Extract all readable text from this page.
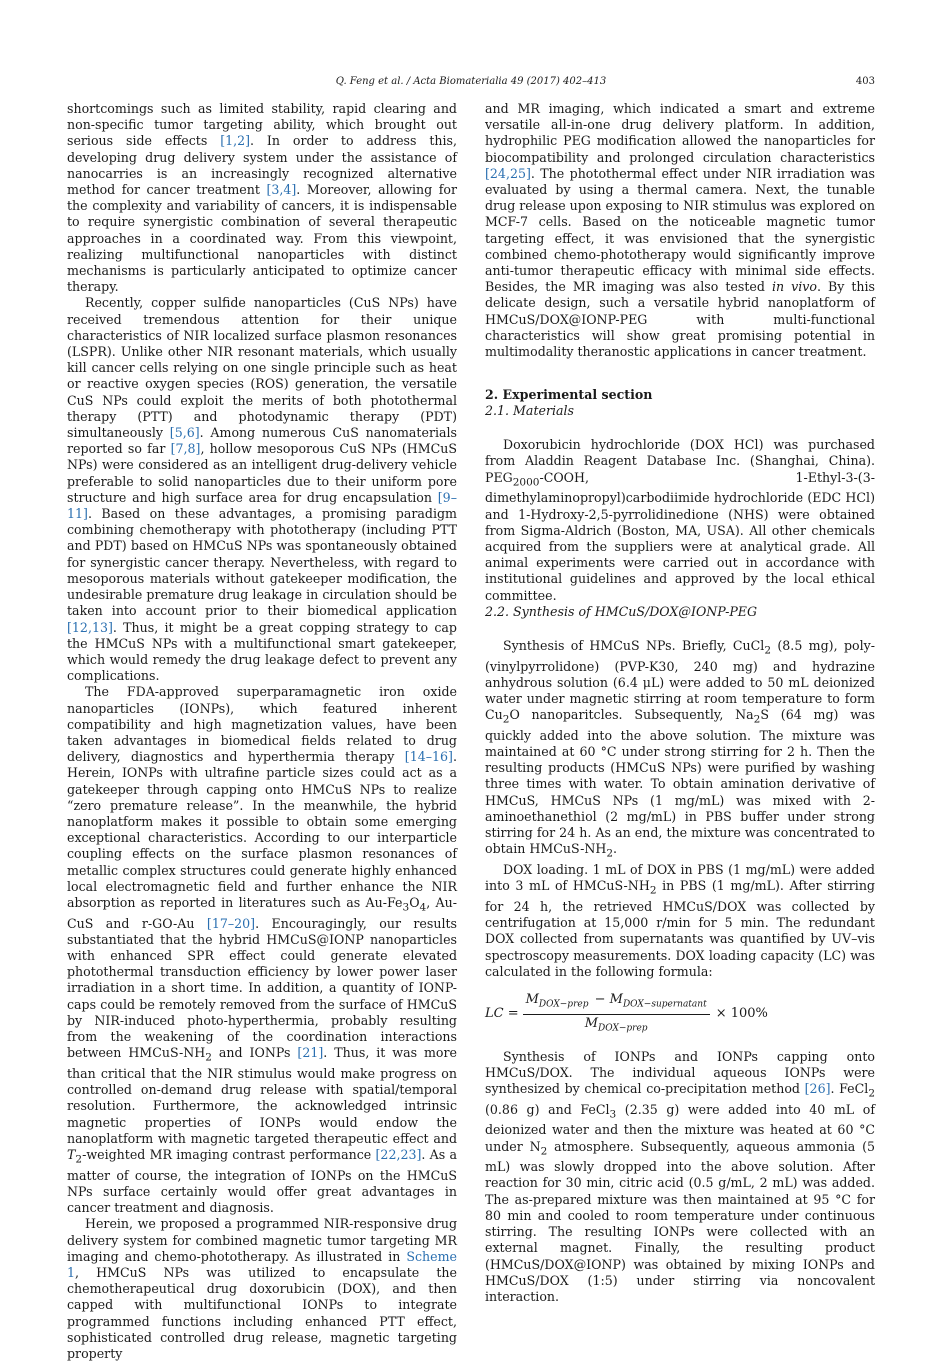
Q. Feng et al. / Acta Biomaterialia 49 (2017) 402–413	403

shortcomings such as limited stability, rapid clearing and non-specific tumor targeting ability, which brought out serious side effects [1,2]. In order to address this, developing drug delivery system under the assistance of nanocarries is an increasingly recognized alternative method for cancer treatment [3,4]. Moreover, allowing for the complexity and variability of cancers, it is indispensable to require synergistic combination of several therapeutic approaches in a coordinated way. From this viewpoint, realizing multifunctional nanoparticles with distinct mechanisms is particularly anticipated to optimize cancer therapy.

Recently, copper sulfide nanoparticles (CuS NPs) have received tremendous attention for their unique characteristics of NIR localized surface plasmon resonances (LSPR). Unlike other NIR resonant materials, which usually kill cancer cells relying on one single principle such as heat or reactive oxygen species (ROS) generation, the versatile CuS NPs could exploit the merits of both photothermal therapy (PTT) and photodynamic therapy (PDT) simultaneously [5,6]. Among numerous CuS nanomaterials reported so far [7,8], hollow mesoporous CuS NPs (HMCuS NPs) were considered as an intelligent drug-delivery vehicle preferable to solid nanoparticles due to their uniform pore structure and high surface area for drug encapsulation [9–11]. Based on these advantages, a promising paradigm combining chemotherapy with phototherapy (including PTT and PDT) based on HMCuS NPs was spontaneously obtained for synergistic cancer therapy. Nevertheless, with regard to mesoporous materials without gatekeeper modification, the undesirable premature drug leakage in circulation should be taken into account prior to their biomedical application [12,13]. Thus, it might be a great copping strategy to cap the HMCuS NPs with a multifunctional smart gatekeeper, which would remedy the drug leakage defect to prevent any complications.

The FDA-approved superparamagnetic iron oxide nanoparticles (IONPs), which featured inherent compatibility and high magnetization values, have been taken advantages in biomedical fields related to drug delivery, diagnostics and hyperthermia therapy [14–16]. Herein, IONPs with ultrafine particle sizes could act as a gatekeeper through capping onto HMCuS NPs to realize “zero premature release”. In the meanwhile, the hybrid nanoplatform makes it possible to obtain some emerging exceptional characteristics. According to our interparticle coupling effects on the surface plasmon resonances of metallic complex structures could generate highly enhanced local electromagnetic field and further enhance the NIR absorption as reported in literatures such as $Au-Fe_3O_4$, Au-CuS and r-GO-Au [17–20]. Encouragingly, our results substantiated that the hybrid HMCuS@IONP nanoparticles with enhanced SPR effect could generate elevated photothermal transduction efficiency by lower power laser irradiation in a short time. In addition, a quantity of IONP-caps could be remotely removed from the surface of HMCuS by NIR-induced photo-hyperthermia, probably resulting from the weakening of the coordination interactions between HMCuS-$NH_2$ and IONPs [21]. Thus, it was more than critical that the NIR stimulus would make progress on controlled on-demand drug release with spatial/temporal resolution. Furthermore, the acknowledged intrinsic magnetic properties of IONPs would endow the nanoplatform with magnetic targeted therapeutic effect and $T_2$-weighted MR imaging contrast performance [22,23]. As a matter of course, the integration of IONPs on the HMCuS NPs surface certainly would offer great advantages in cancer treatment and diagnosis.

Herein, we proposed a programmed NIR-responsive drug delivery system for combined magnetic tumor targeting MR imaging and chemo-phototherapy. As illustrated in Scheme 1, HMCuS NPs was utilized to encapsulate the chemotherapeutical drug doxorubicin (DOX), and then capped with multifunctional IONPs to integrate programmed functions including enhanced PTT effect, sophisticated controlled drug release, magnetic targeting property

and MR imaging, which indicated a smart and extreme versatile all-in-one drug delivery platform. In addition, hydrophilic PEG modification allowed the nanoparticles for biocompatibility and prolonged circulation characteristics [24,25]. The photothermal effect under NIR irradiation was evaluated by using a thermal camera. Next, the tunable drug release upon exposing to NIR stimulus was explored on MCF-7 cells. Based on the noticeable magnetic tumor targeting effect, it was envisioned that the synergistic combined chemo-phototherapy would significantly improve anti-tumor therapeutic efficacy with minimal side effects. Besides, the MR imaging was also tested in vivo. By this delicate design, such a versatile hybrid nanoplatform of HMCuS/DOX@IONP-PEG with multi-functional characteristics will show great promising potential in multimodality theranostic applications in cancer treatment.

2. Experimental section
2.1. Materials

Doxorubicin hydrochloride (DOX HCl) was purchased from Aladdin Reagent Database Inc. (Shanghai, China). $PEG_{2000}$-COOH, 1-Ethyl-3-(3-dimethylaminopropyl)carbodiimide hydrochloride (EDC HCl) and 1-Hydroxy-2,5-pyrrolidinedione (NHS) were obtained from Sigma-Aldrich (Boston, MA, USA). All other chemicals acquired from the suppliers were at analytical grade. All animal experiments were carried out in accordance with institutional guidelines and approved by the local ethical committee.

2.2. Synthesis of HMCuS/DOX@IONP-PEG

Synthesis of HMCuS NPs. Briefly, CuCl$_2$ (8.5 mg), poly-(vinylpyrrolidone) (PVP-K30, 240 mg) and hydrazine anhydrous solution (6.4 μL) were added to 50 mL deionized water under magnetic stirring at room temperature to form $Cu_2O$ nanoparitcles. Subsequently, $Na_2S$ (64 mg) was quickly added into the above solution. The mixture was maintained at 60 °C under strong stirring for 2 h. Then the resulting products (HMCuS NPs) were purified by washing three times with water. To obtain amination derivative of HMCuS, HMCuS NPs (1 mg/mL) was mixed with 2-aminoethanethiol (2 mg/mL) in PBS buffer under strong stirring for 24 h. As an end, the mixture was concentrated to obtain HMCuS-$NH_2$.

DOX loading. 1 mL of DOX in PBS (1 mg/mL) were added into 3 mL of HMCuS-$NH_2$ in PBS (1 mg/mL). After stirring for 24 h, the retrieved HMCuS/DOX was collected by centrifugation at 15,000 r/min for 5 min. The redundant DOX collected from supernatants was quantified by UV–vis spectroscopy measurements. DOX loading capacity (LC) was calculated in the following formula:

LC = $\frac{M_{DOX-prep} - M_{DOX-supernatant}}{M_{DOX-prep}} \times 100\%$

Synthesis of IONPs and IONPs capping onto HMCuS/DOX. The individual aqueous IONPs were synthesized by chemical co-precipitation method [26]. FeCl$_2$ (0.86 g) and FeCl$_3$ (2.35 g) were added into 40 mL of deionized water and then the mixture was heated at 60 °C under $N_2$ atmosphere. Subsequently, aqueous ammonia (5 mL) was slowly dropped into the above solution. After reaction for 30 min, citric acid (0.5 g/mL, 2 mL) was added. The as-prepared mixture was then maintained at 95 °C for 80 min and cooled to room temperature under continuous stirring. The resulting IONPs were collected with an external magnet. Finally, the resulting product (HMCuS/DOX@IONP) was obtained by mixing IONPs and HMCuS/DOX (1:5) under stirring via noncovalent interaction.
